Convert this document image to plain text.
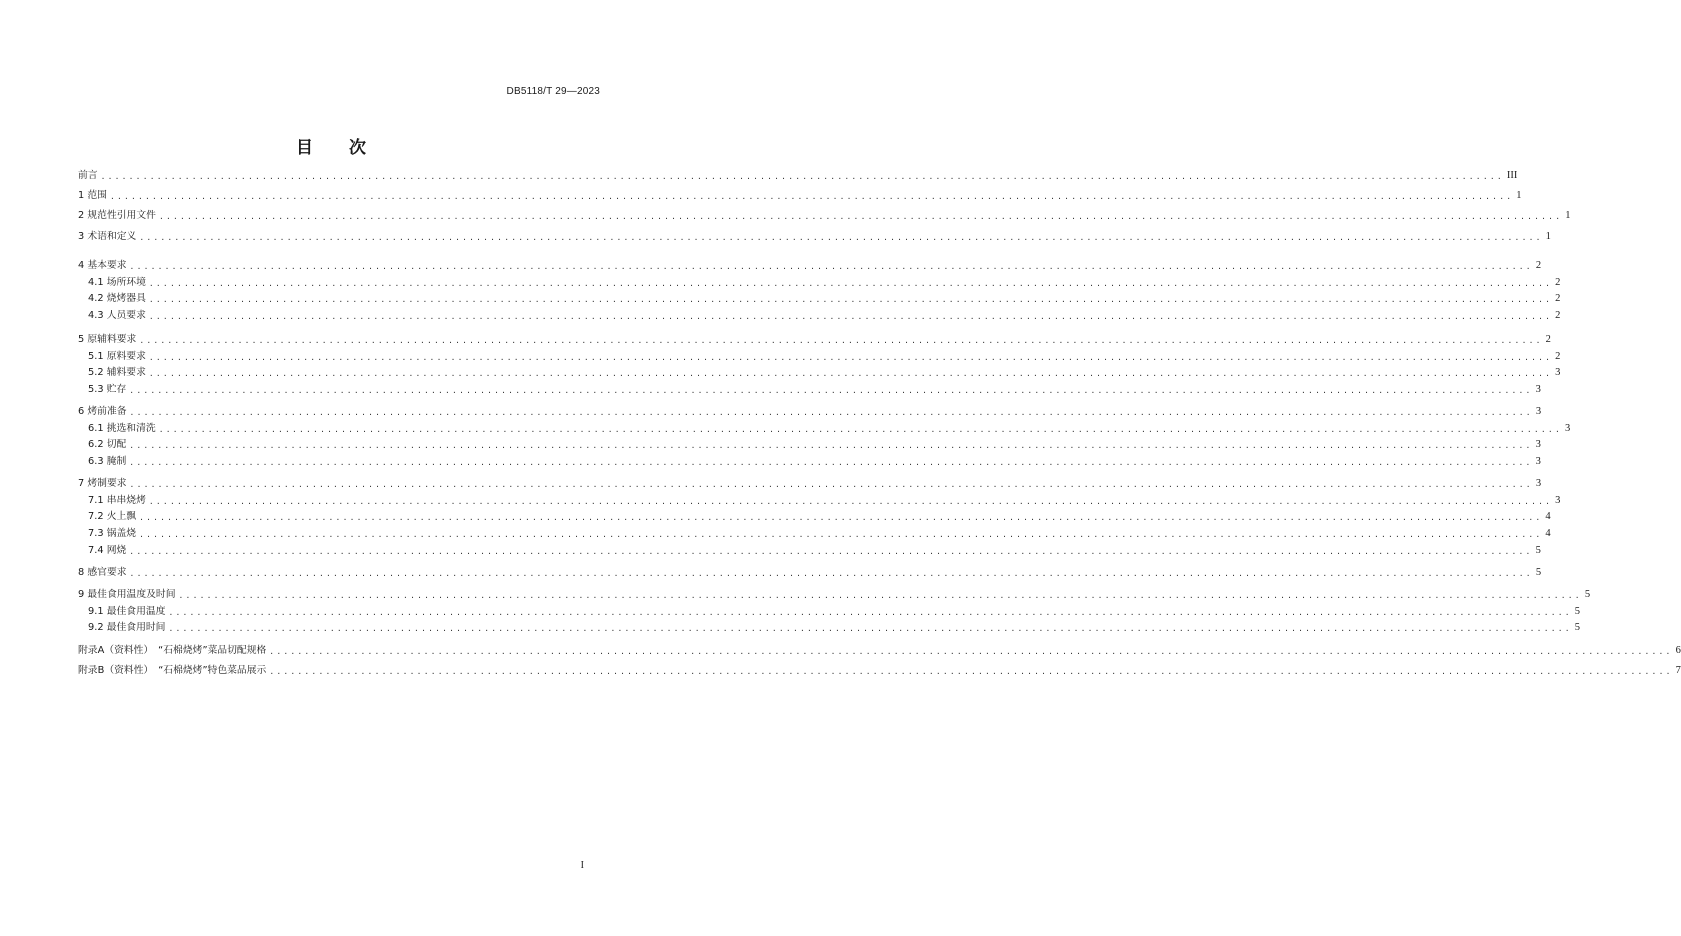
DB5118/T 29—2023
目 次
前言 ........................................................................................................................................................................................................ III
1 范围 ........................................................................................................................................................................................................ 1
2 规范性引用文件 ........................................................................................................................................................................................................ 1
3 术语和定义 ........................................................................................................................................................................................................ 1
4 基本要求 ........................................................................................................................................................................................................ 2
4.1 场所环境 ........................................................................................................................................................................................................ 2
4.2 烧烤器具 ........................................................................................................................................................................................................ 2
4.3 人员要求 ........................................................................................................................................................................................................ 2
5 原辅料要求 ........................................................................................................................................................................................................ 2
5.1 原料要求 ........................................................................................................................................................................................................ 2
5.2 辅料要求 ........................................................................................................................................................................................................ 3
5.3 贮存 ........................................................................................................................................................................................................ 3
6 烤前准备 ........................................................................................................................................................................................................ 3
6.1 挑选和清洗 ........................................................................................................................................................................................................ 3
6.2 切配 ........................................................................................................................................................................................................ 3
6.3 腌制 ........................................................................................................................................................................................................ 3
7 烤制要求 ........................................................................................................................................................................................................ 3
7.1 串串烧烤 ........................................................................................................................................................................................................ 3
7.2 火上飘 ........................................................................................................................................................................................................ 4
7.3 锅盖烧 ........................................................................................................................................................................................................ 4
7.4 网烧 ........................................................................................................................................................................................................ 5
8 感官要求 ........................................................................................................................................................................................................ 5
9 最佳食用温度及时间 ........................................................................................................................................................................................................ 5
9.1 最佳食用温度 ........................................................................................................................................................................................................ 5
9.2 最佳食用时间 ........................................................................................................................................................................................................ 5
附录A（资料性）　“石棉烧烤”菜品切配规格 ........................................................................................................................................................................................................ 6
附录B（资料性）　“石棉烧烤”特色菜品展示 ........................................................................................................................................................................................................ 7
I
